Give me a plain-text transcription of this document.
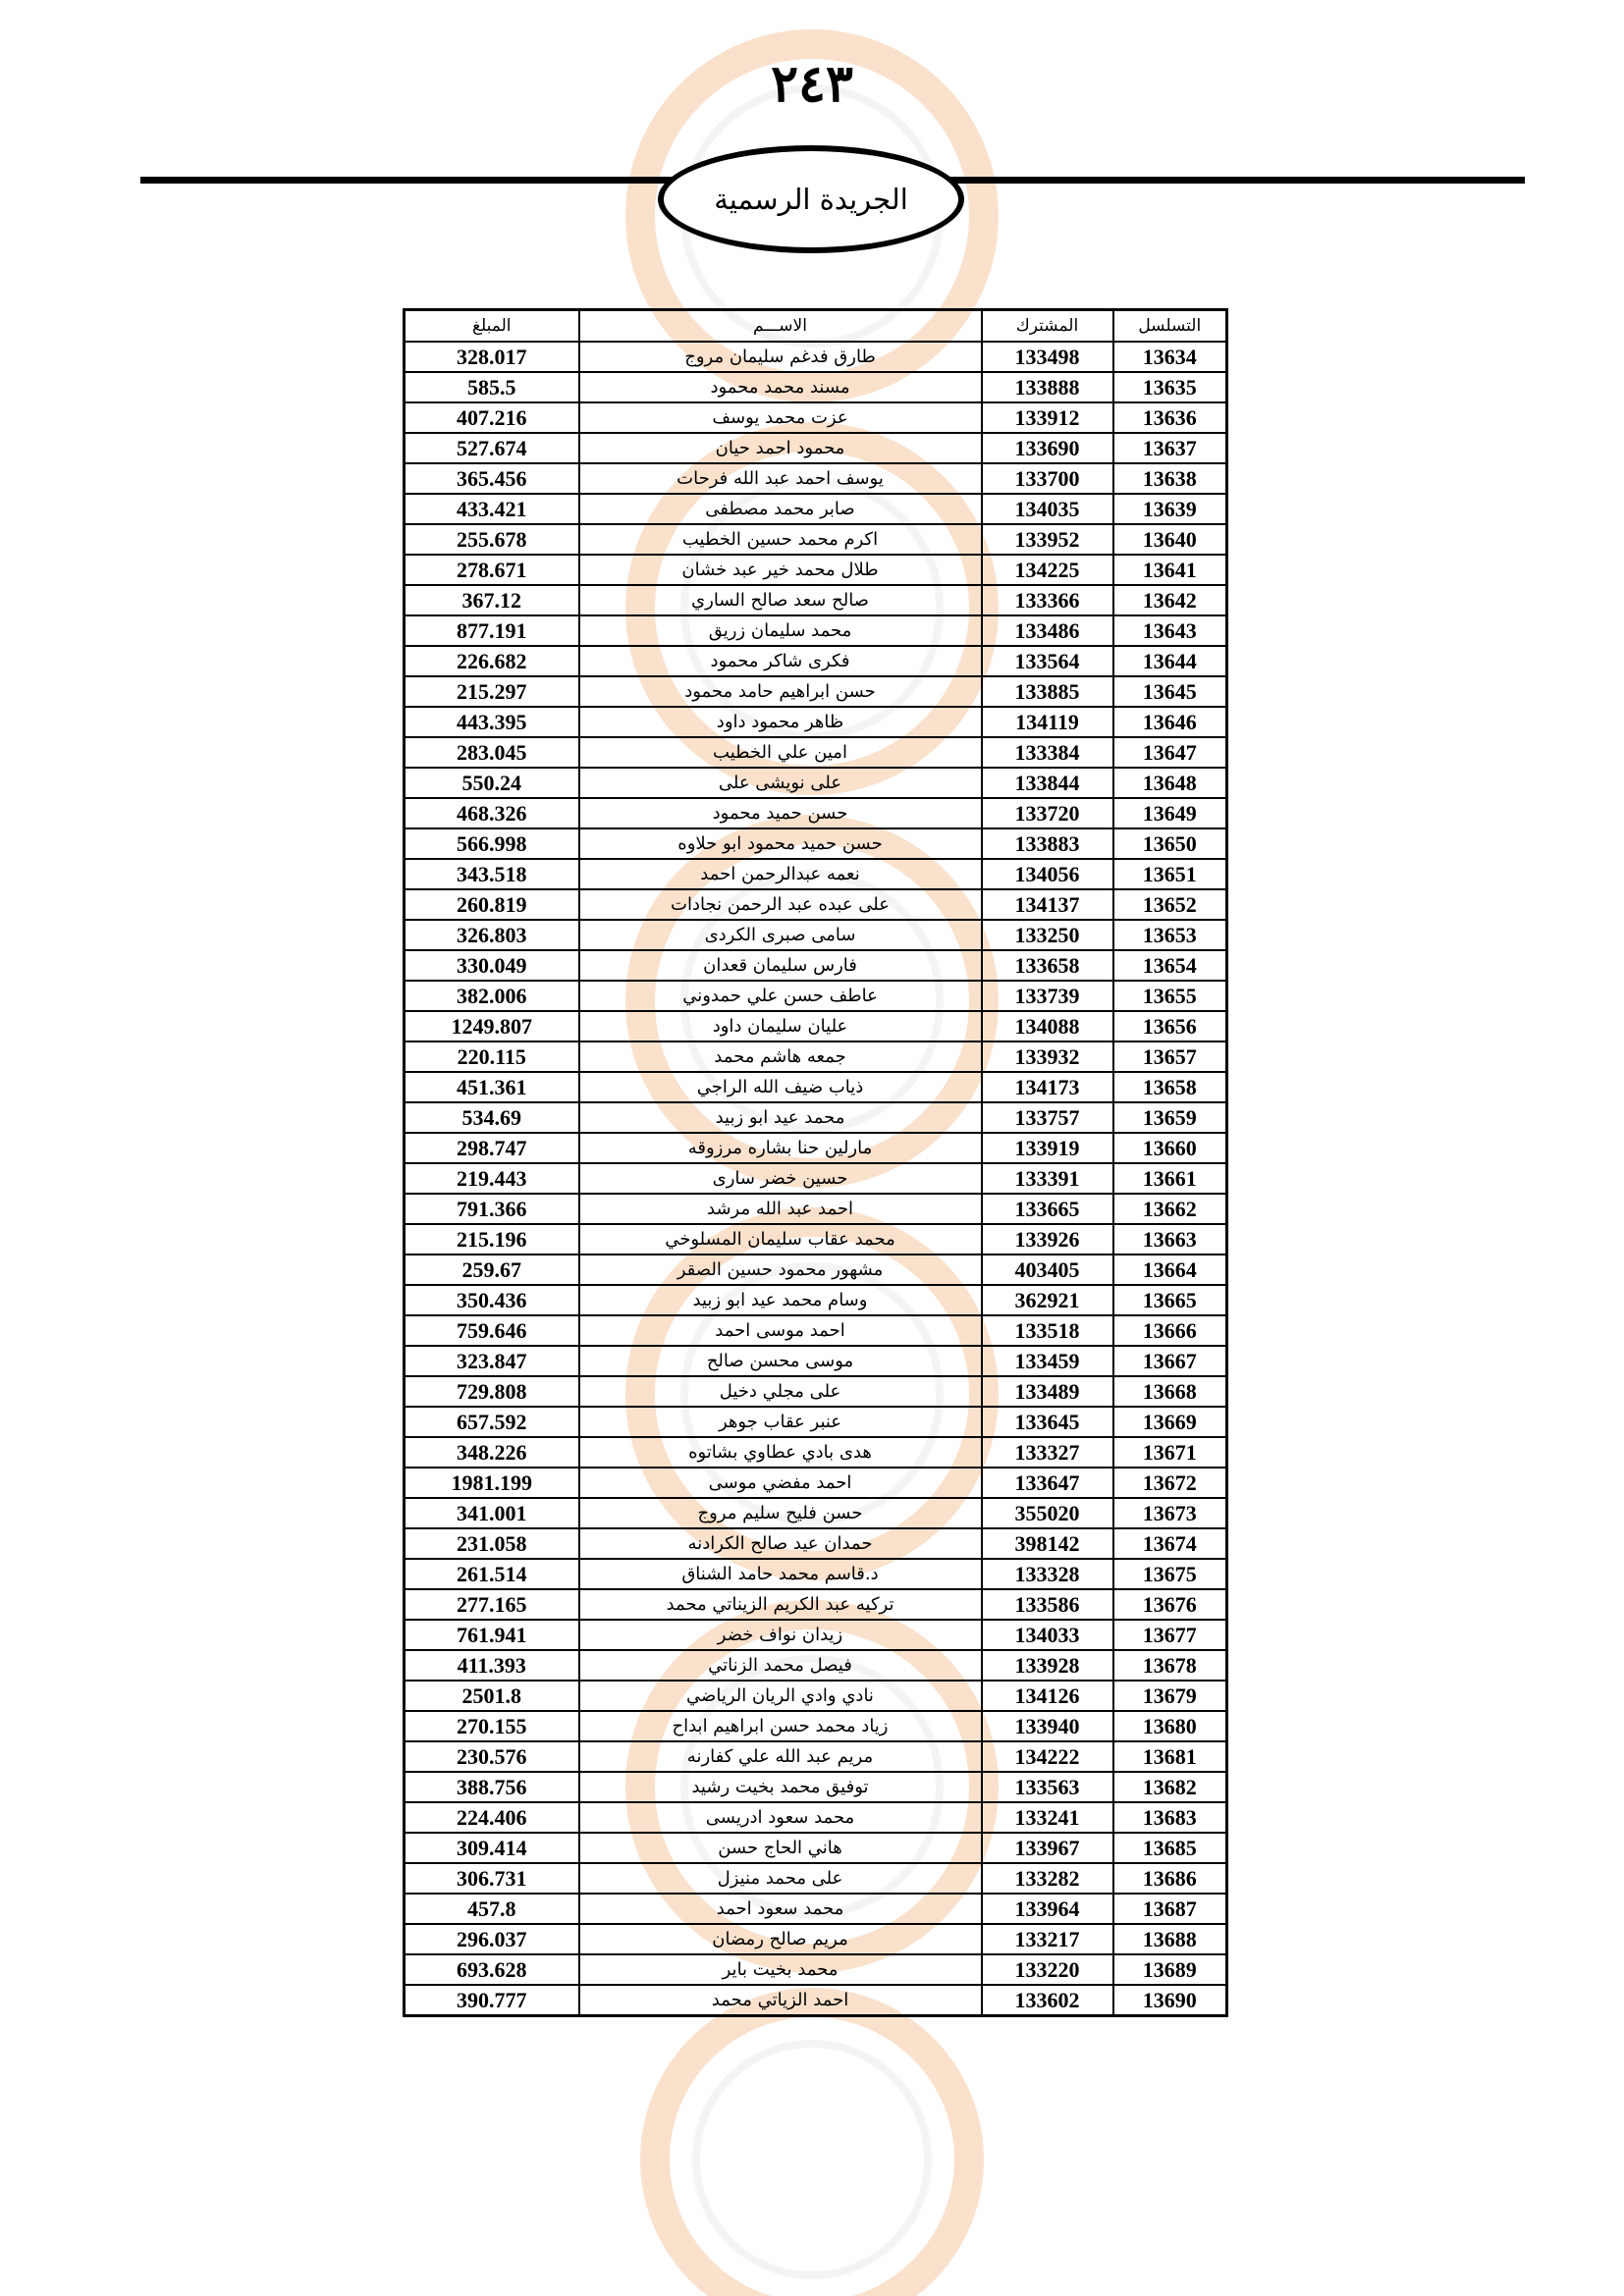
٢٤٣
الجريدة الرسمية
التسلسل	المشترك	الاســـم	المبلغ
13634	133498	طارق فدغم سليمان مروج	328.017
13635	133888	مسند محمد محمود	585.5
13636	133912	عزت محمد يوسف	407.216
13637	133690	محمود احمد حيان	527.674
13638	133700	يوسف احمد عبد الله فرحات	365.456
13639	134035	صابر محمد مصطفى	433.421
13640	133952	اكرم محمد حسين الخطيب	255.678
13641	134225	طلال محمد خير عبد خشان	278.671
13642	133366	صالح سعد صالح الساري	367.12
13643	133486	محمد سليمان زريق	877.191
13644	133564	فكرى شاكر محمود	226.682
13645	133885	حسن ابراهيم حامد محمود	215.297
13646	134119	ظاهر محمود داود	443.395
13647	133384	امين علي الخطيب	283.045
13648	133844	على نويشى على	550.24
13649	133720	حسن حميد محمود	468.326
13650	133883	حسن حميد محمود ابو حلاوه	566.998
13651	134056	نعمه عبدالرحمن احمد	343.518
13652	134137	على عبده عبد الرحمن نجادات	260.819
13653	133250	سامى صبرى الكردى	326.803
13654	133658	فارس سليمان قعدان	330.049
13655	133739	عاطف حسن علي حمدوني	382.006
13656	134088	عليان سليمان داود	1249.807
13657	133932	جمعه هاشم محمد	220.115
13658	134173	ذياب ضيف الله الراجي	451.361
13659	133757	محمد عيد ابو زبيد	534.69
13660	133919	مارلين حنا بشاره مرزوقه	298.747
13661	133391	حسين خضر سارى	219.443
13662	133665	احمد عبد الله مرشد	791.366
13663	133926	محمد عقاب سليمان المسلوخي	215.196
13664	403405	مشهور محمود حسين الصقر	259.67
13665	362921	وسام محمد عيد ابو زبيد	350.436
13666	133518	احمد موسى احمد	759.646
13667	133459	موسى محسن صالح	323.847
13668	133489	على مجلي دخيل	729.808
13669	133645	عنبر عقاب جوهر	657.592
13671	133327	هدى بادي عطاوي بشاتوه	348.226
13672	133647	احمد مفضي موسى	1981.199
13673	355020	حسن فليح سليم مروج	341.001
13674	398142	حمدان عيد صالح الكرادنه	231.058
13675	133328	د.قاسم محمد حامد الشناق	261.514
13676	133586	تركيه عبد الكريم الزيناتي محمد	277.165
13677	134033	زيدان نواف خضر	761.941
13678	133928	فيصل محمد الزناتي	411.393
13679	134126	نادي وادي الريان الرياضي	2501.8
13680	133940	زياد محمد حسن ابراهيم ابداح	270.155
13681	134222	مريم عبد الله علي كفارنه	230.576
13682	133563	توفيق محمد بخيت رشيد	388.756
13683	133241	محمد سعود ادريسى	224.406
13685	133967	هاني الحاج حسن	309.414
13686	133282	على محمد منيزل	306.731
13687	133964	محمد سعود احمد	457.8
13688	133217	مريم صالح رمضان	296.037
13689	133220	محمد بخيت باير	693.628
13690	133602	احمد الزياتي محمد	390.777
